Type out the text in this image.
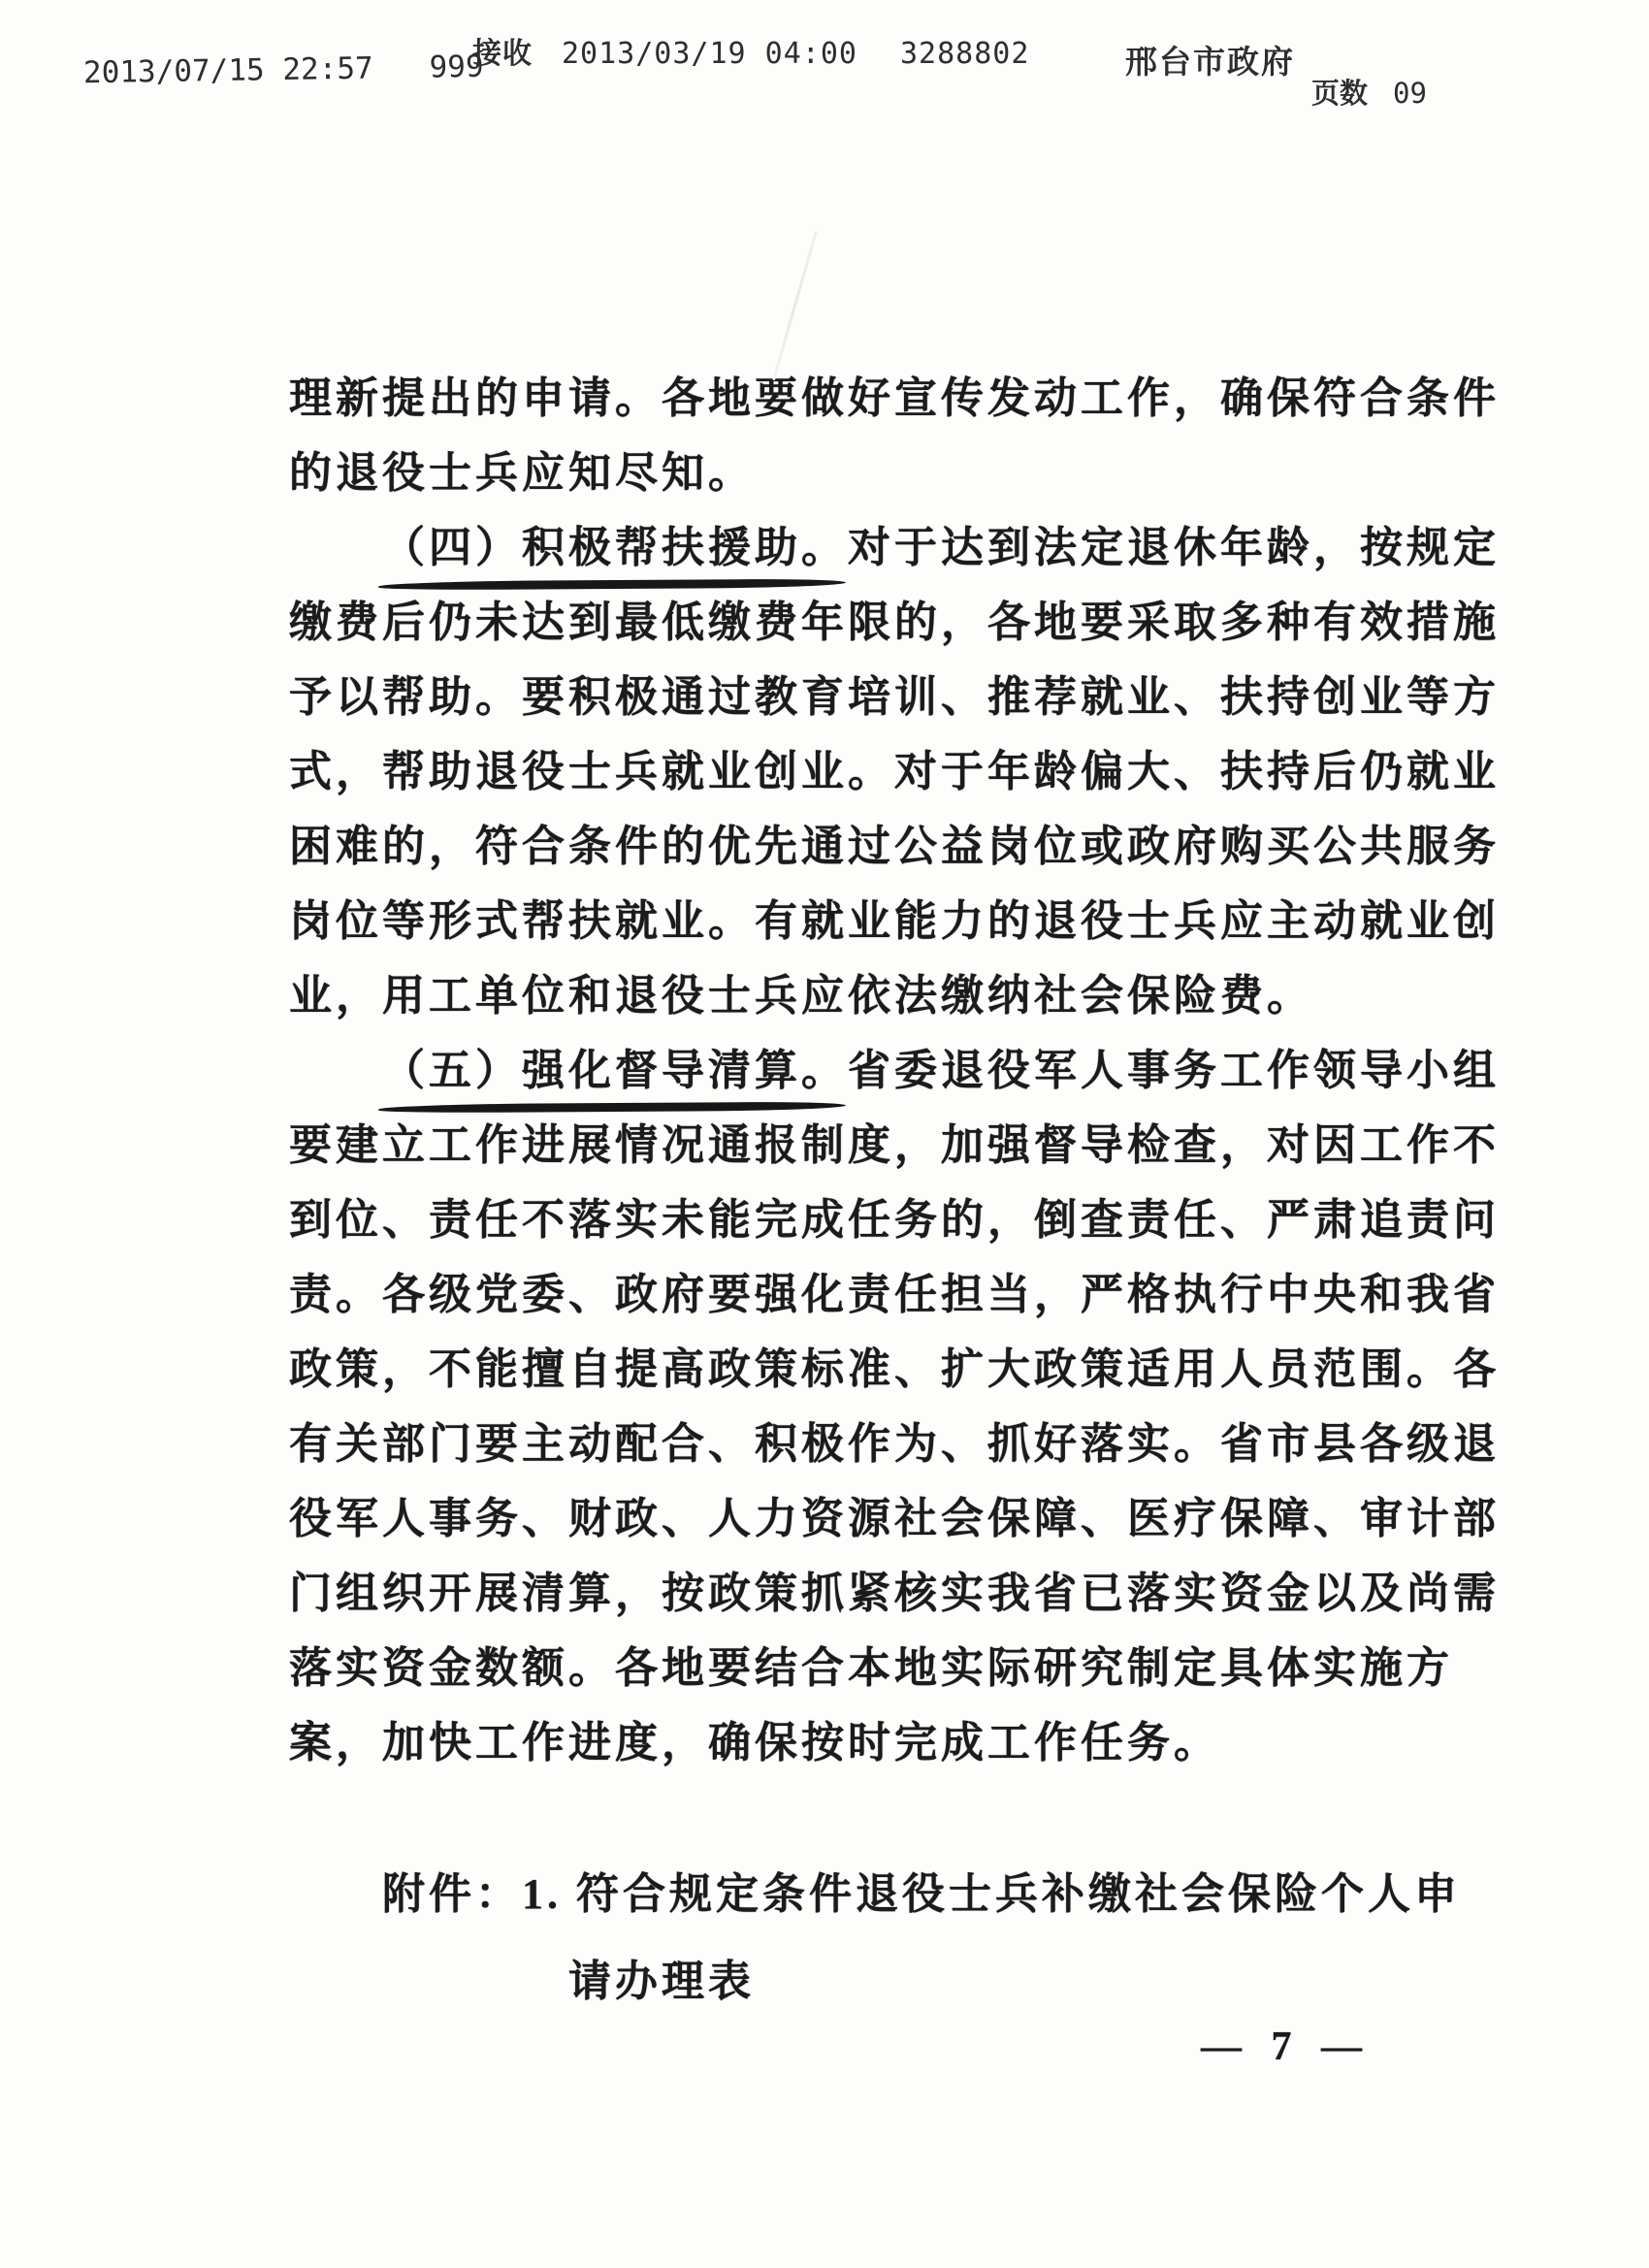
接收 2013/03/19 04:00 3288802
2013/07/15 22:57 999	邢台市政府
页数 09
理新提出的申请。各地要做好宣传发动工作，确保符合条件
的退役士兵应知尽知。
（四）积极帮扶援助。对于达到法定退休年龄，按规定
缴费后仍未达到最低缴费年限的，各地要采取多种有效措施
予以帮助。要积极通过教育培训、推荐就业、扶持创业等方
式，帮助退役士兵就业创业。对于年龄偏大、扶持后仍就业
困难的，符合条件的优先通过公益岗位或政府购买公共服务
岗位等形式帮扶就业。有就业能力的退役士兵应主动就业创
业，用工单位和退役士兵应依法缴纳社会保险费。
（五）强化督导清算。省委退役军人事务工作领导小组
要建立工作进展情况通报制度，加强督导检查，对因工作不
到位、责任不落实未能完成任务的，倒查责任、严肃追责问
责。各级党委、政府要强化责任担当，严格执行中央和我省
政策，不能擅自提高政策标准、扩大政策适用人员范围。各
有关部门要主动配合、积极作为、抓好落实。省市县各级退
役军人事务、财政、人力资源社会保障、医疗保障、审计部
门组织开展清算，按政策抓紧核实我省已落实资金以及尚需
落实资金数额。各地要结合本地实际研究制定具体实施方
案，加快工作进度，确保按时完成工作任务。
附件：1. 符合规定条件退役士兵补缴社会保险个人申
请办理表
— 7 —
